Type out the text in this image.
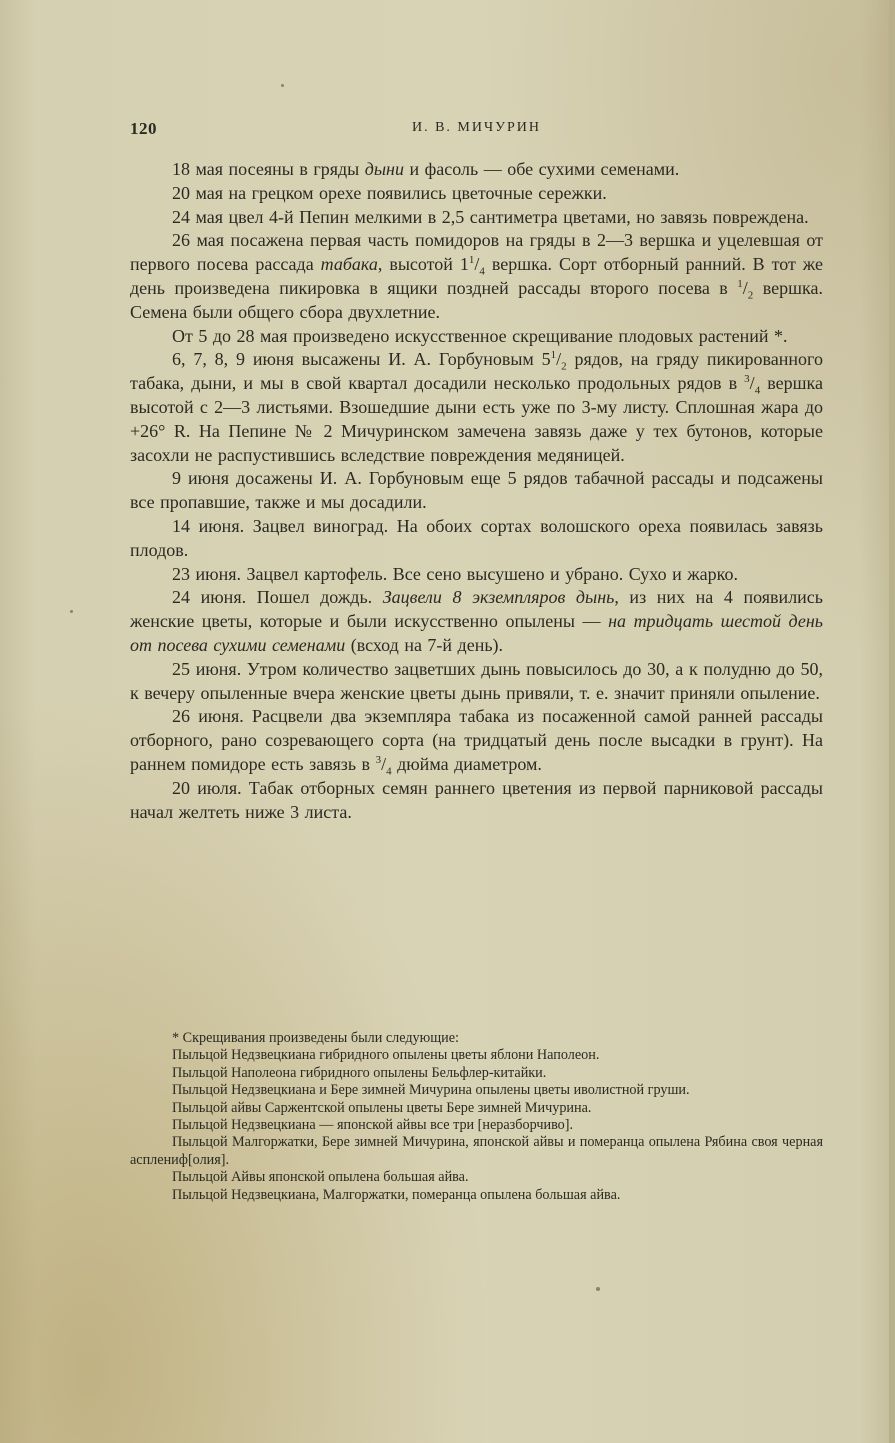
120	И. В. МИЧУРИН

18 мая посеяны в гряды дыни и фасоль — обе сухими семенами.

20 мая на грецком орехе появились цветочные сережки.

24 мая цвел 4-й Пепин мелкими в 2,5 сантиметра цветами, но завязь повреждена.

26 мая посажена первая часть помидоров на гряды в 2—3 вершка и уцелевшая от первого посева рассада табака, высотой $1^1/_4$ вершка. Сорт отборный ранний. В тот же день произведена пикировка в ящики поздней рассады второго посева в $^1/_2$ вершка. Семена были общего сбора двухлетние.

От 5 до 28 мая произведено искусственное скрещивание плодовых растений *.

6, 7, 8, 9 июня высажены И. А. Горбуновым $5^1/_2$ рядов, на гряду пикированного табака, дыни, и мы в свой квартал досадили несколько продольных рядов в $^3/_4$ вершка высотой с 2—3 листьями. Взошедшие дыни есть уже по 3-му листу. Сплошная жара до +26° R. На Пепине № 2 Мичуринском замечена завязь даже у тех бутонов, которые засохли не распустившись вследствие повреждения медяницей.

9 июня досажены И. А. Горбуновым еще 5 рядов табачной рассады и подсажены все пропавшие, также и мы досадили.

14 июня. Зацвел виноград. На обоих сортах волошского ореха появилась завязь плодов.

23 июня. Зацвел картофель. Все сено высушено и убрано. Сухо и жарко.

24 июня. Пошел дождь. Зацвели 8 экземпляров дынь, из них на 4 появились женские цветы, которые и были искусственно опылены — на тридцать шестой день от посева сухими семенами (всход на 7-й день).

25 июня. Утром количество зацветших дынь повысилось до 30, а к полудню до 50, к вечеру опыленные вчера женские цветы дынь привяли, т. е. значит приняли опыление.

26 июня. Расцвели два экземпляра табака из посаженной самой ранней рассады отборного, рано созревающего сорта (на тридцатый день после высадки в грунт). На раннем помидоре есть завязь в $^3/_4$ дюйма диаметром.

20 июля. Табак отборных семян раннего цветения из первой парниковой рассады начал желтеть ниже 3 листа.

* Скрещивания произведены были следующие:

Пыльцой Недзвецкиана гибридного опылены цветы яблони Наполеон.

Пыльцой Наполеона гибридного опылены Бельфлер-китайки.

Пыльцой Недзвецкиана и Бере зимней Мичурина опылены цветы иволистной груши.

Пыльцой айвы Саржентской опылены цветы Бере зимней Мичурина.

Пыльцой Недзвецкиана — японской айвы все три [неразборчиво].

Пыльцой Малгоржатки, Бере зимней Мичурина, японской айвы и померанца опылена Рябина своя черная асплениф[олия].

Пыльцой Айвы японской опылена большая айва.

Пыльцой Недзвецкиана, Малгоржатки, померанца опылена большая айва.
